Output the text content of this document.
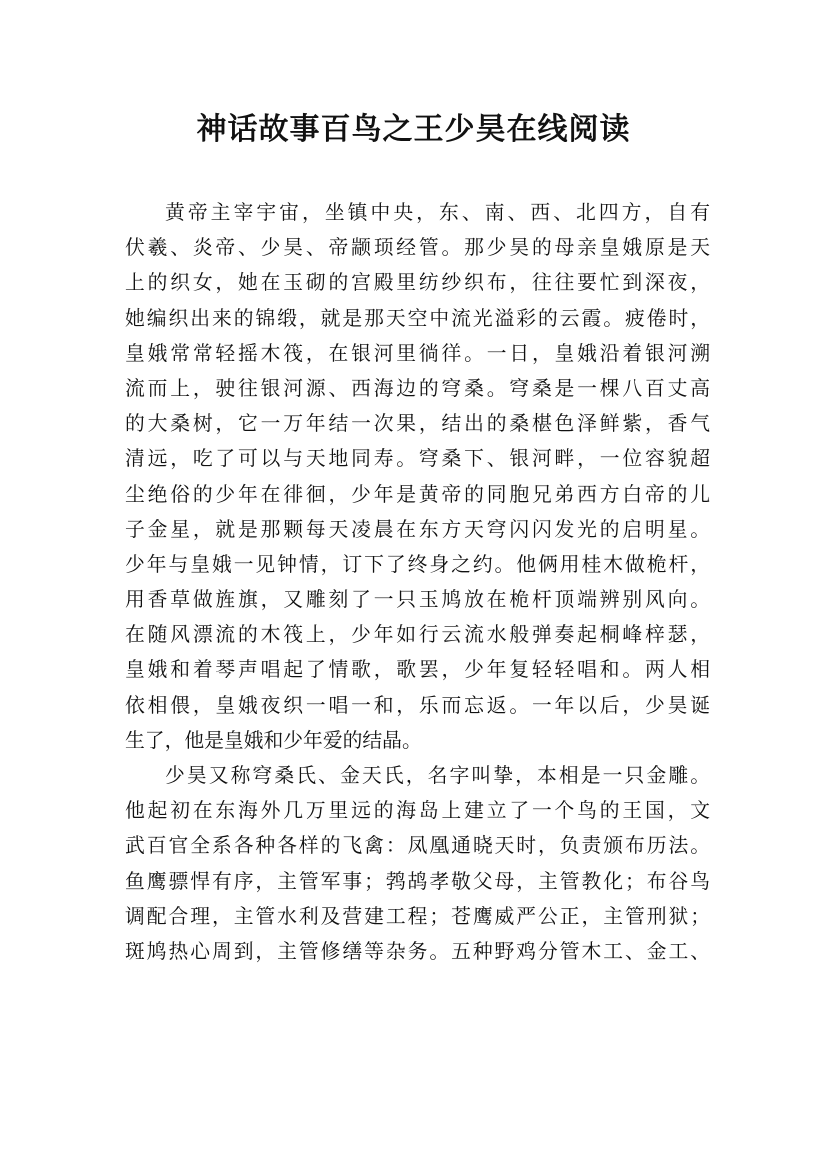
神话故事百鸟之王少昊在线阅读
黄帝主宰宇宙，坐镇中央，东、南、西、北四方，自有
伏羲、炎帝、少昊、帝颛顼经管。那少昊的母亲皇娥原是天
上的织女，她在玉砌的宫殿里纺纱织布，往往要忙到深夜，
她编织出来的锦缎，就是那天空中流光溢彩的云霞。疲倦时，
皇娥常常轻摇木筏，在银河里徜徉。一日，皇娥沿着银河溯
流而上，驶往银河源、西海边的穹桑。穹桑是一棵八百丈高
的大桑树，它一万年结一次果，结出的桑椹色泽鲜紫，香气
清远，吃了可以与天地同寿。穹桑下、银河畔，一位容貌超
尘绝俗的少年在徘徊，少年是黄帝的同胞兄弟西方白帝的儿
子金星，就是那颗每天凌晨在东方天穹闪闪发光的启明星。
少年与皇娥一见钟情，订下了终身之约。他俩用桂木做桅杆，
用香草做旌旗，又雕刻了一只玉鸠放在桅杆顶端辨别风向。
在随风漂流的木筏上，少年如行云流水般弹奏起桐峰梓瑟，
皇娥和着琴声唱起了情歌，歌罢，少年复轻轻唱和。两人相
依相偎，皇娥夜织一唱一和，乐而忘返。一年以后，少昊诞
生了，他是皇娥和少年爱的结晶。
少昊又称穹桑氏、金天氏，名字叫挚，本相是一只金雕。
他起初在东海外几万里远的海岛上建立了一个鸟的王国，文
武百官全系各种各样的飞禽：凤凰通晓天时，负责颁布历法。
鱼鹰骠悍有序，主管军事；鹁鸪孝敬父母，主管教化；布谷鸟
调配合理，主管水利及营建工程；苍鹰威严公正，主管刑狱；
斑鸠热心周到，主管修缮等杂务。五种野鸡分管木工、金工、
